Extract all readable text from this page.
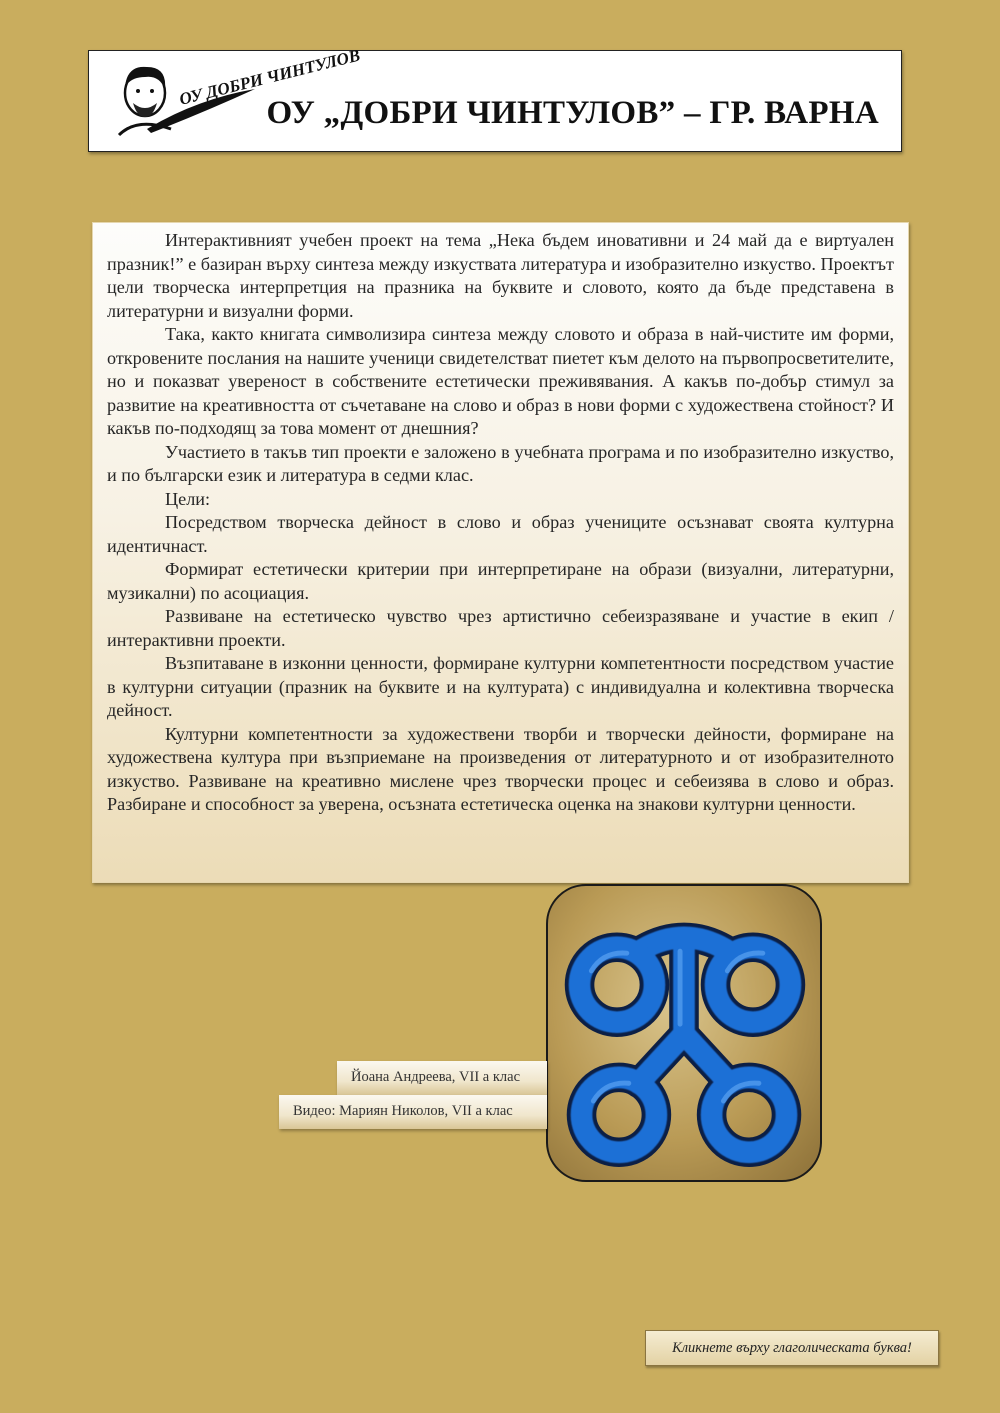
ОУ ДОБРИ ЧИНТУЛОВ
ОУ „ДОБРИ ЧИНТУЛОВ” – ГР. ВАРНА

Интерактивният учебен проект на тема „Нека бъдем иновативни и 24 май да е виртуален празник!” е базиран върху синтеза между изкуствата литература и изобразително изкуство. Проектът цели творческа интерпретция на празника на буквите и словото, която да бъде представена в литературни и визуални форми.

Така, както книгата символизира синтеза между словото и образа в най-чистите им форми, откровените послания на нашите ученици свидетелстват пиетет към делото на първопросветителите, но и показват увереност в собствените естетически преживявания. А какъв по-добър стимул за развитие на креативността от съчетаване на слово и образ в нови форми с художествена стойност? И какъв по-подходящ за това момент от днешния?

Участието в такъв тип проекти е заложено в учебната програма и по изобразително изкуство, и по български език и литература в седми клас.

Цели:

Посредством творческа дейност в слово и образ учениците осъзнават своята културна идентичнаст.

Формират естетически критерии при интерпретиране на образи (визуални, литературни, музикални) по асоциация.

Развиване на естетическо чувство чрез артистично себеизразяване и участие в екип / интерактивни проекти.

Възпитаване в изконни ценности, формиране културни компетентности посредством участие в културни ситуации (празник на буквите и на културата) с индивидуална и колективна творческа дейност.

Културни компетентности за художествени творби и творчески дейности, формиране на художествена култура при възприемане на произведения от литературното и от изобразителното изкуство. Развиване на креативно мислене чрез творчески процес и себеизява в слово и образ. Разбиране и способност за уверена, осъзната естетическа оценка на знакови културни ценности.

Йоана Андреева, VII а клас
Видео: Мариян Николов, VII а клас
Кликнете върху глаголическата буква!
